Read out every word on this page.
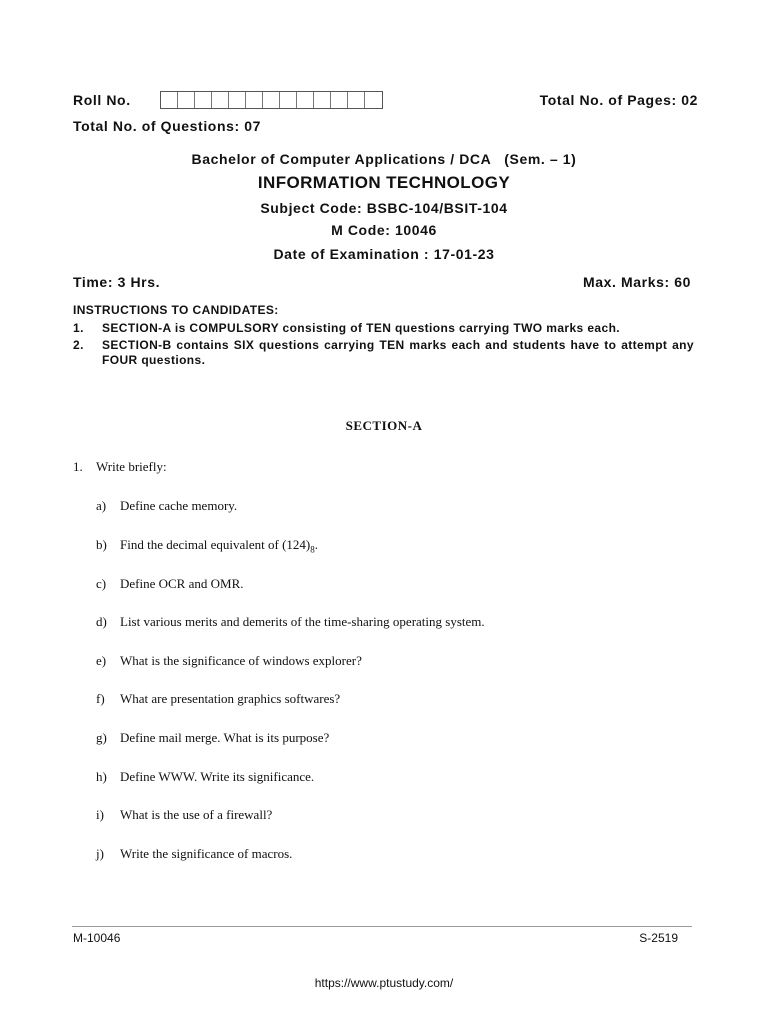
Roll No.	Total No. of Pages: 02
Total No. of Questions: 07
Bachelor of Computer Applications / DCA   (Sem. – 1)
INFORMATION TECHNOLOGY
Subject Code: BSBC-104/BSIT-104
M Code: 10046
Date of Examination : 17-01-23
Time: 3 Hrs.	Max. Marks: 60
INSTRUCTIONS TO CANDIDATES:
1. SECTION-A is COMPULSORY consisting of TEN questions carrying TWO marks each.
2. SECTION-B contains SIX questions carrying TEN marks each and students have to attempt any FOUR questions.
SECTION-A
1. Write briefly:
a) Define cache memory.
b) Find the decimal equivalent of $(124)_8$.
c) Define OCR and OMR.
d) List various merits and demerits of the time-sharing operating system.
e) What is the significance of windows explorer?
f) What are presentation graphics softwares?
g) Define mail merge. What is its purpose?
h) Define WWW. Write its significance.
i) What is the use of a firewall?
j) Write the significance of macros.
M-10046	S-2519
https://www.ptustudy.com/
